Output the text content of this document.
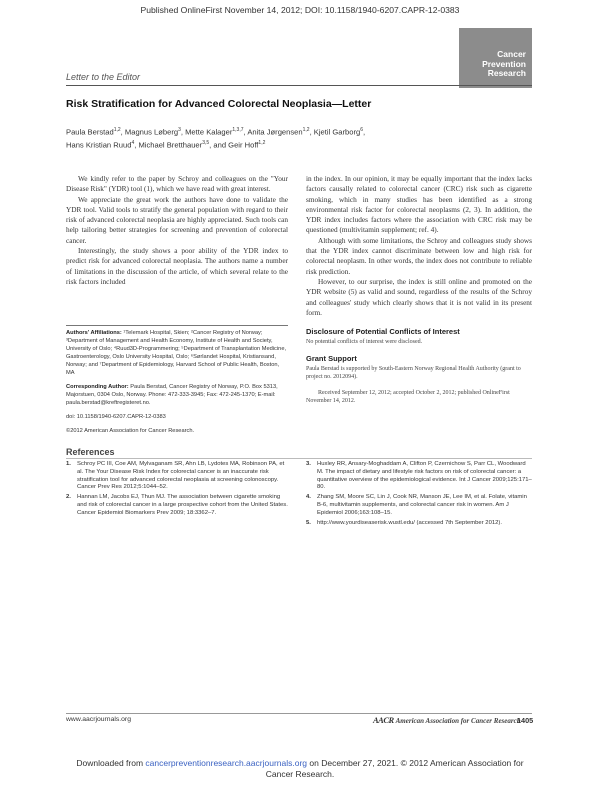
Published OnlineFirst November 14, 2012; DOI: 10.1158/1940-6207.CAPR-12-0383
Cancer
Prevention
Research
Letter to the Editor
Risk Stratification for Advanced Colorectal Neoplasia—Letter
Paula Berstad$^{1,2}$, Magnus Løberg$^3$, Mette Kalager$^{1,3,7}$, Anita Jørgensen$^{1,2}$, Kjetil Garborg$^6$,
Hans Kristian Ruud$^4$, Michael Bretthauer$^{3,5}$, and Geir Hoff$^{1,2}$

We kindly refer to the paper by Schroy and colleagues on the "Your Disease Risk" (YDR) tool (1), which we have read with great interest.

We appreciate the great work the authors have done to validate the YDR tool. Valid tools to stratify the general population with regard to their risk of advanced colorectal neoplasia are highly appreciated. Such tools can help tailoring better strategies for screening and prevention of colorectal cancer.

Interestingly, the study shows a poor ability of the YDR index to predict risk for advanced colorectal neoplasia. The authors name a number of limitations in the discussion of the article, of which several relate to the risk factors included

in the index. In our opinion, it may be equally important that the index lacks factors causally related to colorectal cancer (CRC) risk such as cigarette smoking, which in many studies has been identified as a strong environmental risk factor for colorectal neoplasms (2, 3). In addition, the YDR index includes factors where the association with CRC risk may be questioned (multivitamin supplement; ref. 4).

Although with some limitations, the Schroy and colleagues study shows that the YDR index cannot discriminate between low and high risk for colorectal neoplasm. In other words, the index does not contribute to reliable risk prediction.

However, to our surprise, the index is still online and promoted on the YDR website (5) as valid and sound, regardless of the results of the Schroy and colleagues' study which clearly shows that it is not valid in its present form.

Disclosure of Potential Conflicts of Interest

No potential conflicts of interest were disclosed.

Grant Support

Paula Berstad is supported by South-Eastern Norway Regional Health Authority (grant to project no. 2012094).

Received September 12, 2012; accepted October 2, 2012; published OnlineFirst November 14, 2012.

Authors' Affiliations: ¹Telemark Hospital, Skien; ²Cancer Registry of Norway; ³Department of Management and Health Economy, Institute of Health and Society, University of Oslo; ⁴Ruud3D-Programmering; ⁵Department of Transplantation Medicine, Gastroenterology, Oslo University Hospital, Oslo; ⁶Sørlandet Hospital, Kristiansand, Norway; and ⁷Department of Epidemiology, Harvard School of Public Health, Boston, MA

Corresponding Author: Paula Berstad, Cancer Registry of Norway, P.O. Box 5313, Majorstuen, 0304 Oslo, Norway. Phone: 472-333-3945; Fax: 472-245-1370; E-mail: paula.berstad@kreftregisteret.no.

doi: 10.1158/1940-6207.CAPR-12-0383

©2012 American Association for Cancer Research.

References
1.	Schroy PC III, Coe AM, Mylvaganam SR, Ahn LB, Lydotes MA, Robinson PA, et al. The Your Disease Risk Index for colorectal cancer is an inaccurate risk stratification tool for advanced colorectal neoplasia at screening colonoscopy. Cancer Prev Res 2012;5:1044–52.
2.	Hannan LM, Jacobs EJ, Thun MJ. The association between cigarette smoking and risk of colorectal cancer in a large prospective cohort from the United States. Cancer Epidemiol Biomarkers Prev 2009; 18:3362–7.
3.	Huxley RR, Ansary-Moghaddam A, Clifton P, Czernichow S, Parr CL, Woodward M. The impact of dietary and lifestyle risk factors on risk of colorectal cancer: a quantitative overview of the epidemiological evidence. Int J Cancer 2009;125:171–80.
4.	Zhang SM, Moore SC, Lin J, Cook NR, Manson JE, Lee IM, et al. Folate, vitamin B-6, multivitamin supplements, and colorectal cancer risk in women. Am J Epidemiol 2006;163:108–15.
5.	http://www.yourdiseaserisk.wustl.edu/ (accessed 7th September 2012).
www.aacrjournals.org	AACR American Association for Cancer Research
1405
Downloaded from cancerpreventionresearch.aacrjournals.org on December 27, 2021. © 2012 American Association for
Cancer Research.
